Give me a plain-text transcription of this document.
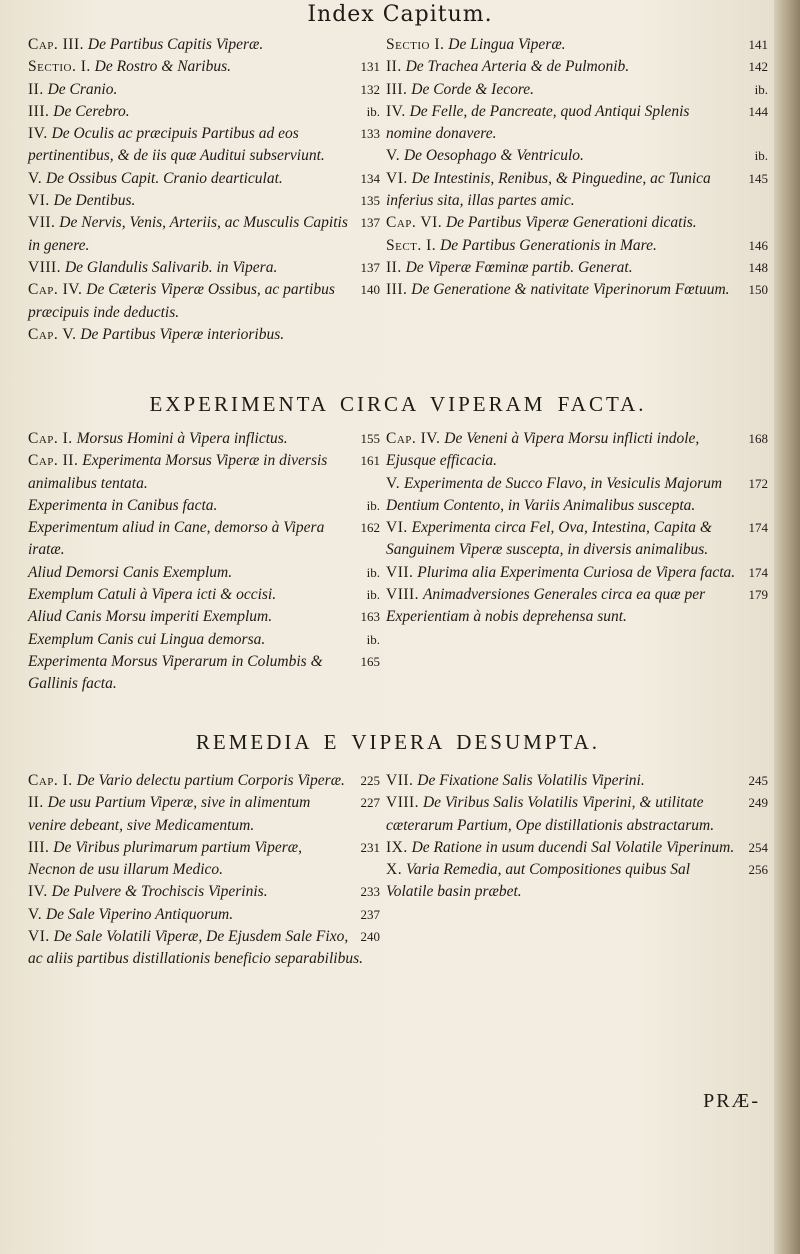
Index Capitum.
Cap. III. De Partibus Capitis Viperæ.
131
Sectio. I. De Rostro & Naribus.
132
II. De Cranio.
ib.
III. De Cerebro.
133
IV. De Oculis ac præcipuis Partibus ad eos pertinentibus, & de iis quæ Auditui subserviunt.
134
V. De Ossibus Capit. Cranio dearticulat.
135
VI. De Dentibus.
137
VII. De Nervis, Venis, Arteriis, ac Musculis Capitis in genere.
137
VIII. De Glandulis Salivarib. in Vipera.
140
Cap. IV. De Cæteris Viperæ Ossibus, ac partibus præcipuis inde deductis.
Cap. V. De Partibus Viperæ interioribus.
141
Sectio I. De Lingua Viperæ.
142
II. De Trachea Arteria & de Pulmonib.
ib.
III. De Corde & Iecore.
144
IV. De Felle, de Pancreate, quod Antiqui Splenis nomine donavere.
ib.
V. De Oesophago & Ventriculo.
145
VI. De Intestinis, Renibus, & Pinguedine, ac Tunica inferius sita, illas partes amic.
Cap. VI. De Partibus Viperæ Generationi dicatis.
146
Sect. I. De Partibus Generationis in Mare.
148
II. De Viperæ Fœminæ partib. Generat.
150
III. De Generatione & nativitate Viperinorum Fœtuum.
EXPERIMENTA CIRCA VIPERAM FACTA.
155
Cap. I. Morsus Homini à Vipera inflictus.
161
Cap. II. Experimenta Morsus Viperæ in diversis animalibus tentata.
ib.
Experimenta in Canibus facta.
162
Experimentum aliud in Cane, demorso à Vipera iratæ.
ib.
Aliud Demorsi Canis Exemplum.
ib.
Exemplum Catuli à Vipera icti & occisi.
163
Aliud Canis Morsu imperiti Exemplum.
ib.
Exemplum Canis cui Lingua demorsa.
165
Experimenta Morsus Viperarum in Columbis & Gallinis facta.
168
Cap. IV. De Veneni à Vipera Morsu inflicti indole, Ejusque efficacia.
172
V. Experimenta de Succo Flavo, in Vesiculis Majorum Dentium Contento, in Variis Animalibus suscepta.
174
VI. Experimenta circa Fel, Ova, Intestina, Capita & Sanguinem Viperæ suscepta, in diversis animalibus.
174
VII. Plurima alia Experimenta Curiosa de Vipera facta.
179
VIII. Animadversiones Generales circa ea quæ per Experientiam à nobis deprehensa sunt.
REMEDIA E VIPERA DESUMPTA.
225
Cap. I. De Vario delectu partium Corporis Viperæ.
227
II. De usu Partium Viperæ, sive in alimentum venire debeant, sive Medicamentum.
231
III. De Viribus plurimarum partium Viperæ, Necnon de usu illarum Medico.
233
IV. De Pulvere & Trochiscis Viperinis.
237
V. De Sale Viperino Antiquorum.
240
VI. De Sale Volatili Viperæ, De Ejusdem Sale Fixo, ac aliis partibus distillationis beneficio separabilibus.
245
VII. De Fixatione Salis Volatilis Viperini.
249
VIII. De Viribus Salis Volatilis Viperini, & utilitate cæterarum Partium, Ope distillationis abstractarum.
254
IX. De Ratione in usum ducendi Sal Volatile Viperinum.
256
X. Varia Remedia, aut Compositiones quibus Sal Volatile basin præbet.
PRÆ-
